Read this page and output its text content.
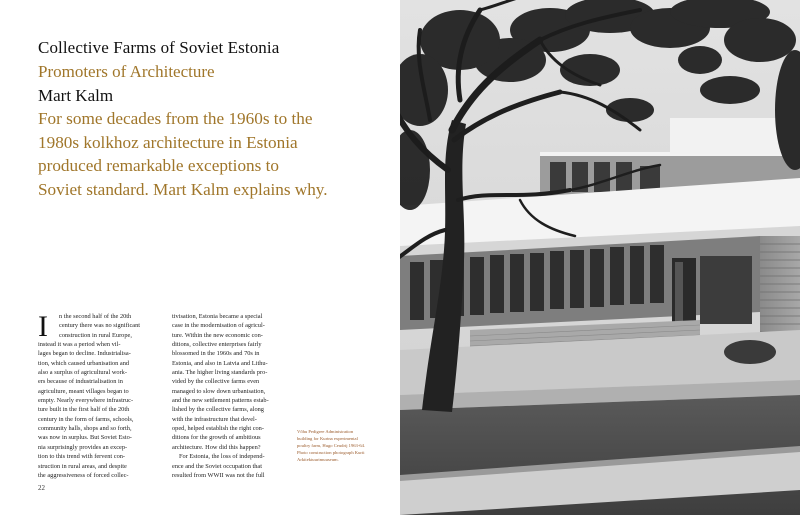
Collective Farms of Soviet Estonia
Promoters of Architecture
Mart Kalm

For some decades from the 1960s to the
1980s kolkhoz architecture in Estonia
produced remarkable exceptions to
Soviet standard. Mart Kalm explains why.

I	n the second half of the 20th
century there was no significant
construction in rural Europe,
instead it was a period when vil-
lages began to decline. Industrialisa-
tion, which caused urbanisation and
also a surplus of agricultural work-
ers because of industrialisation in
agriculture, meant villages began to
empty. Nearly everywhere infrastruc-
ture built in the first half of the 20th
century in the form of farms, schools,
community halls, shops and so forth,
was now in surplus. But Soviet Esto-
nia surprisingly provides an excep-
tion to this trend with fervent con-
struction in rural areas, and despite
the aggressiveness of forced collec-

tivisation, Estonia became a special
case in the modernisation of agricul-
ture. Within the new economic con-
ditions, collective enterprises fairly
blossomed in the 1960s and 70s in
Estonia, and also in Latvia and Lithu-
ania. The higher living standards pro-
vided by the collective farms even
managed to slow down urbanisation,
and the new settlement patterns estab-
lished by the collective farms, along
with the infrastructure that devel-
oped, helped establish the right con-
ditions for the growth of ambitious
architecture. How did this happen?
For Estonia, the loss of independ-
ence and the Soviet occupation that
resulted from WWII was not the full

Võhu Pedigree Administration
building for Kurtna experimental
poultry farm, Hugo Ceudrij 1963-64.
Photo construction photograph Kurti
Arkitektuurimuuseum.

22
